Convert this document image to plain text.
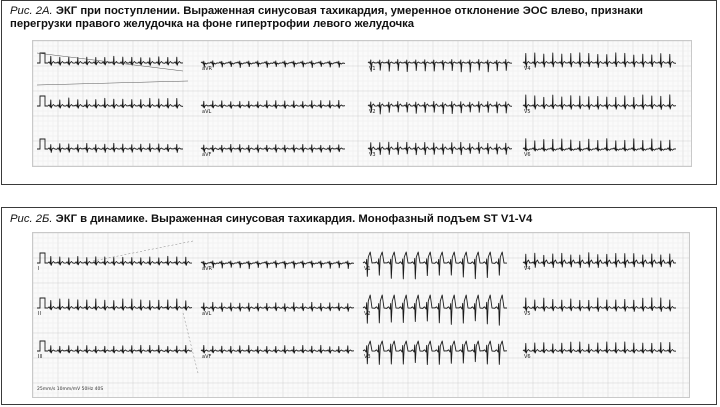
Рис. 2А. ЭКГ при поступлении. Выраженная синусовая тахикардия, умеренное отклонение ЭОС влево, признаки перегрузки правого желудочка на фоне гипертрофии левого желудочка
aVR
aVL
aVF
V1
V2
V3
V4
V5
V6
Рис. 2Б. ЭКГ в динамике. Выраженная синусовая тахикардия. Монофазный подъем ST V1-V4
I
II
III
aVR
aVL
aVF
V1
V2
V3
V4
V5
V6
25mm/s 10mm/mV 50Hz 40S
